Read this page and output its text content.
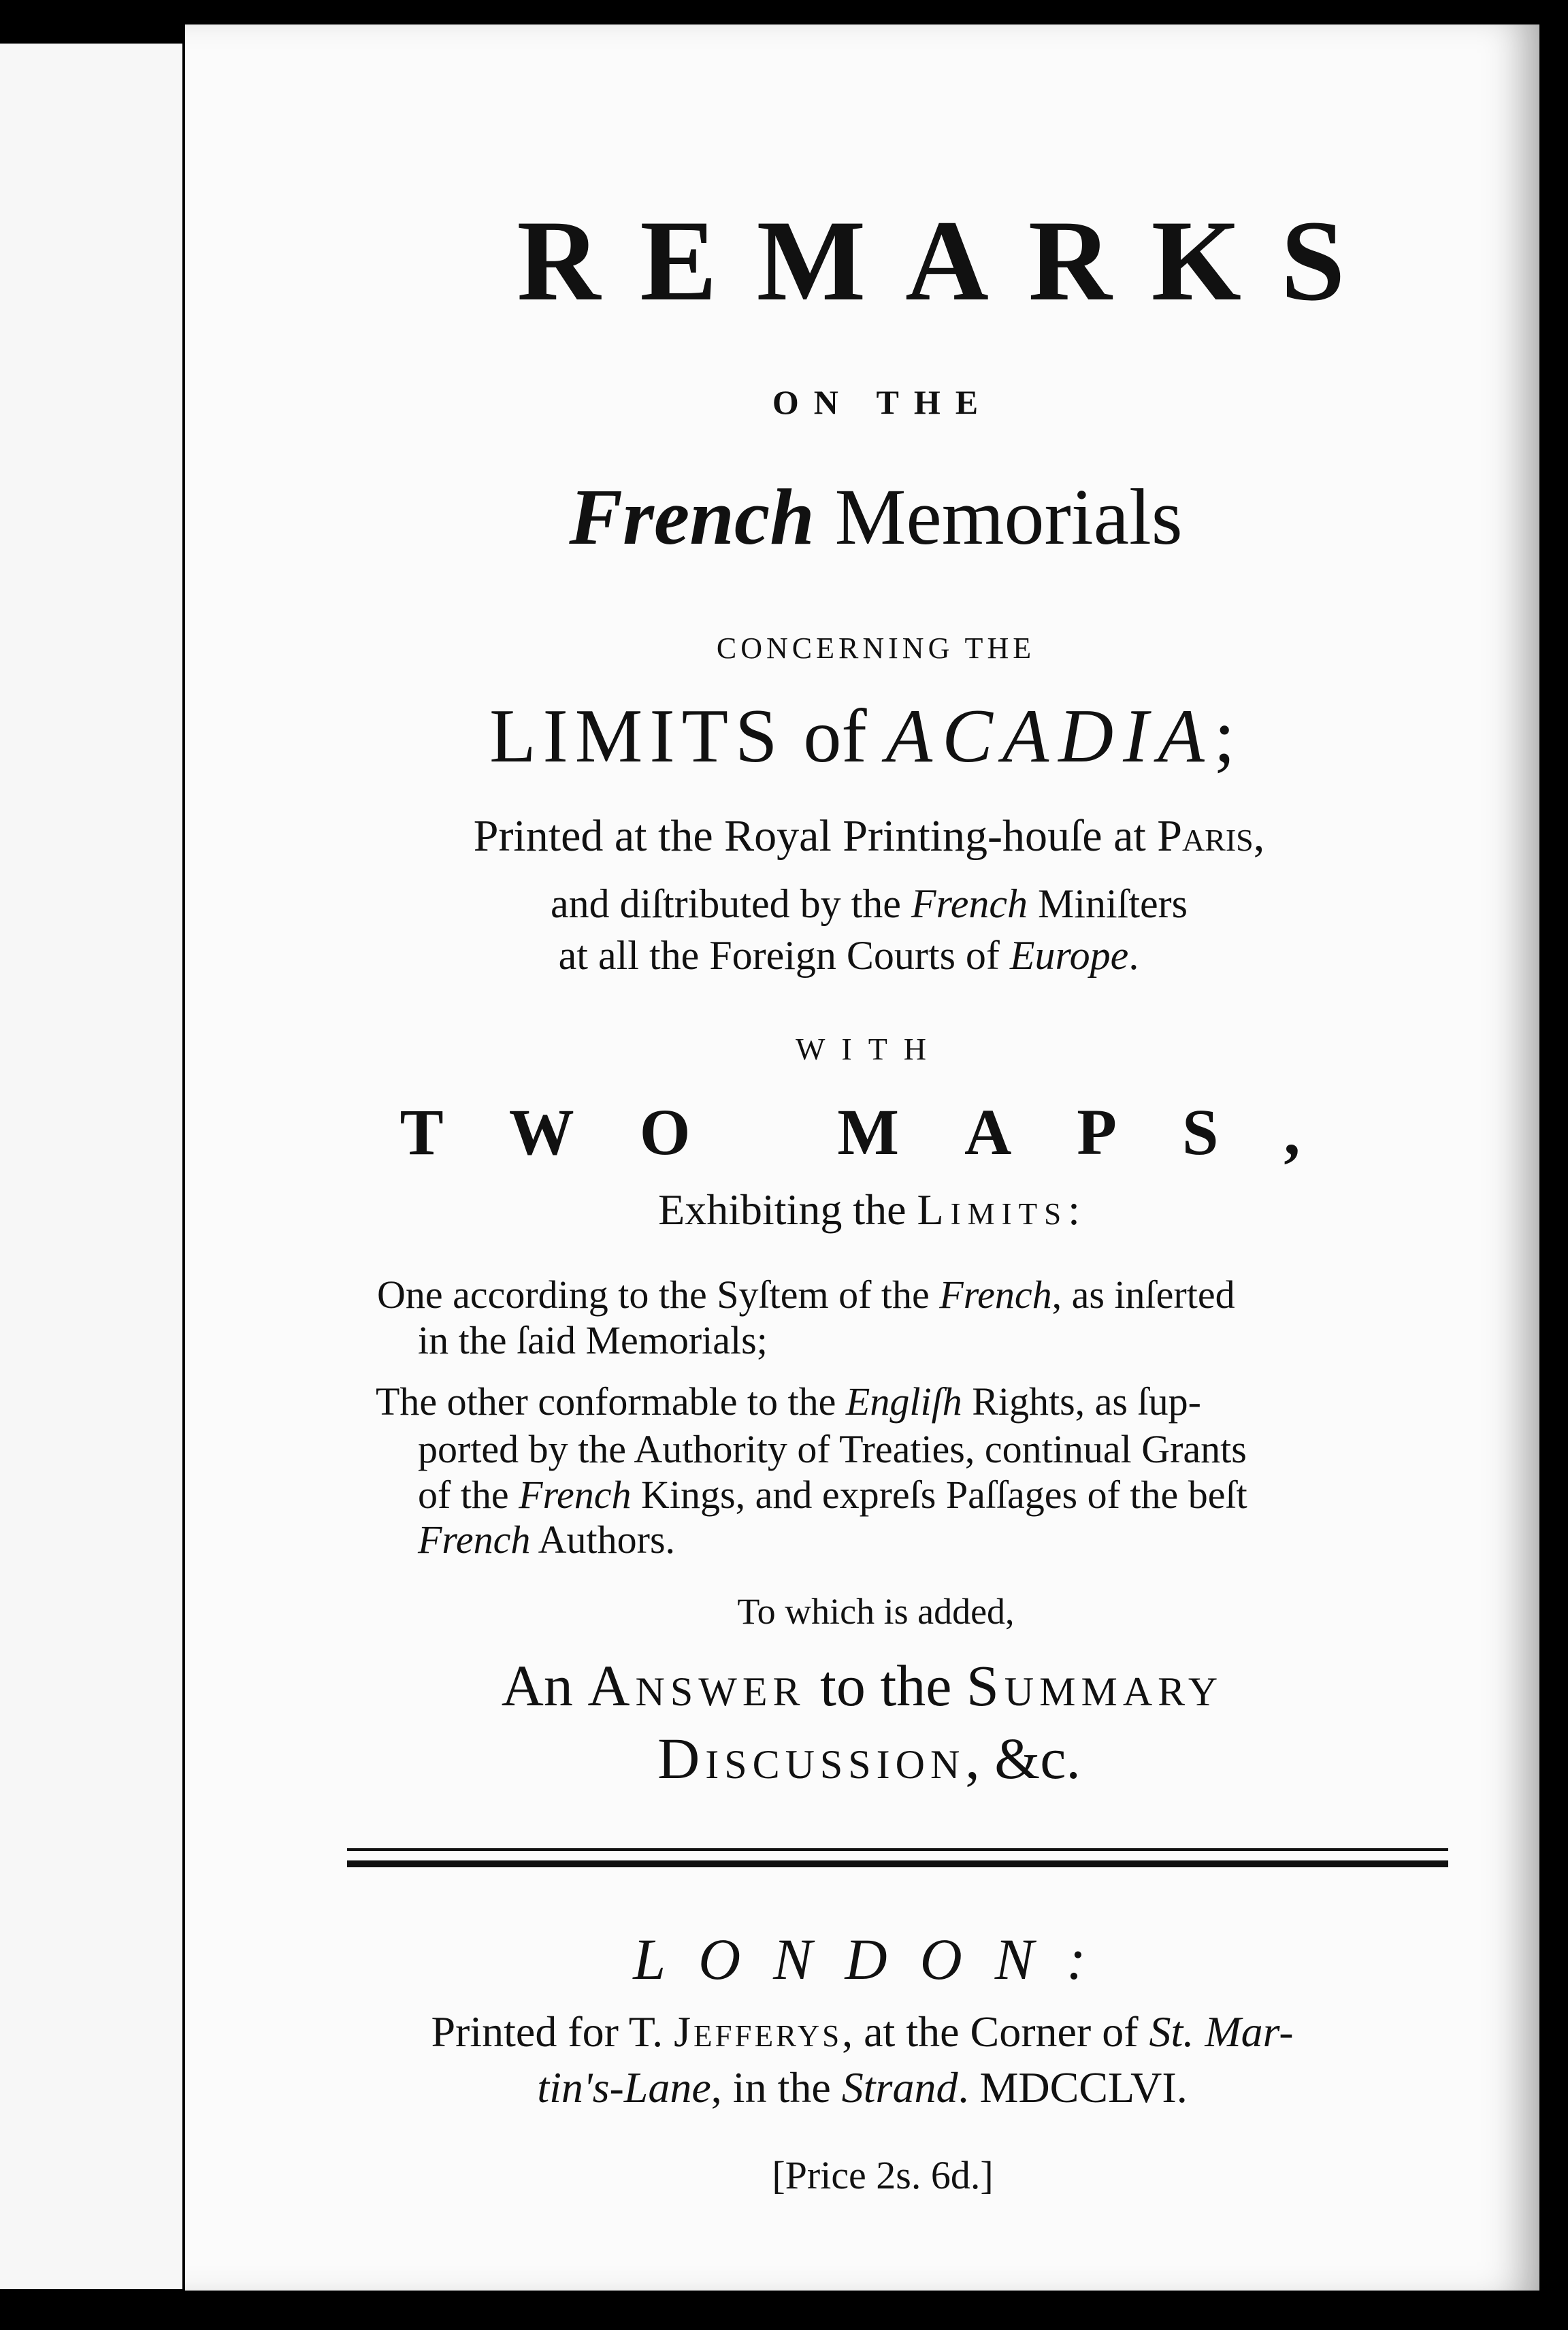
REMARKS
ON THE
French Memorials
CONCERNING THE
LIMITS of ACADIA;
Printed at the Royal Printing-houſe at Paris,
and diſtributed by the French Miniſters
at all the Foreign Courts of Europe.
WITH
TWO MAPS,
Exhibiting the Limits:
One according to the Syſtem of the French, as inſerted
in the ſaid Memorials;
The other conformable to the Engliſh Rights, as ſup-
ported by the Authority of Treaties, continual Grants
of the French Kings, and expreſs Paſſages of the beſt
French Authors.
To which is added,
An Answer to the Summary
Discussion, &c.
LONDON:
Printed for T. Jefferys, at the Corner of St. Mar-
tin's-Lane, in the Strand. MDCCLVI.
[Price 2s. 6d.]
